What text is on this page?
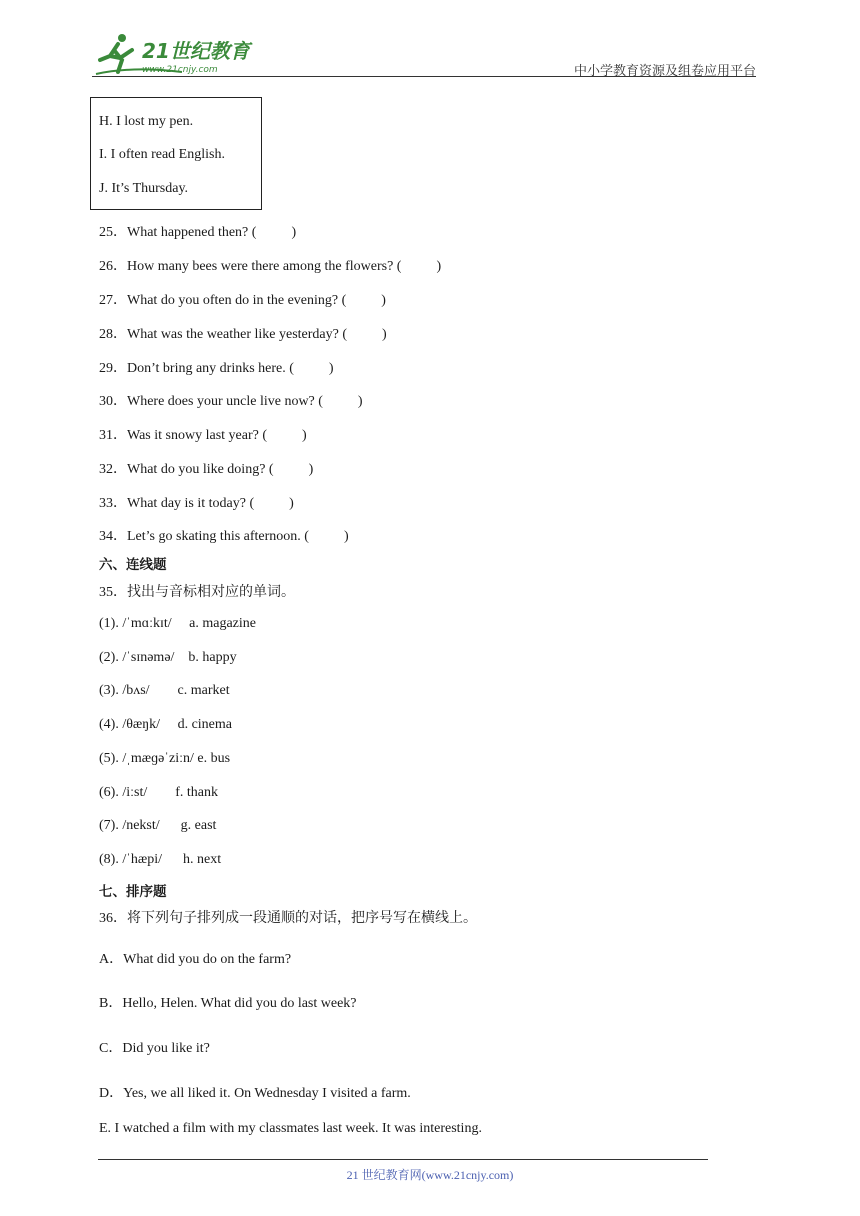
21世纪教育
www.21cnjy.com	中小学教育资源及组卷应用平台
H. I lost my pen.
I. I often read English.
J. It’s Thursday.
25．What happened then? (          )
26．How many bees were there among the flowers? (          )
27．What do you often do in the evening? (          )
28．What was the weather like yesterday? (          )
29．Don’t bring any drinks here. (          )
30．Where does your uncle live now? (          )
31．Was it snowy last year? (          )
32．What do you like doing? (          )
33．What day is it today? (          )
34．Let’s go skating this afternoon. (          )
六、连线题
35．找出与音标相对应的单词。
(1). /ˈmɑːkɪt/     a. magazine
(2). /ˈsɪnəmə/    b. happy
(3). /bʌs/        c. market
(4). /θæŋk/     d. cinema
(5). /ˌmæɡəˈziːn/ e. bus
(6). /iːst/        f. thank
(7). /nekst/      g. east
(8). /ˈhæpi/      h. next
七、排序题
36．将下列句子排列成一段通顺的对话，把序号写在横线上。
A．What did you do on the farm?
B．Hello, Helen. What did you do last week?
C．Did you like it?
D．Yes, we all liked it. On Wednesday I visited a farm.
E. I watched a film with my classmates last week. It was interesting.
21 世纪教育网(www.21cnjy.com)
